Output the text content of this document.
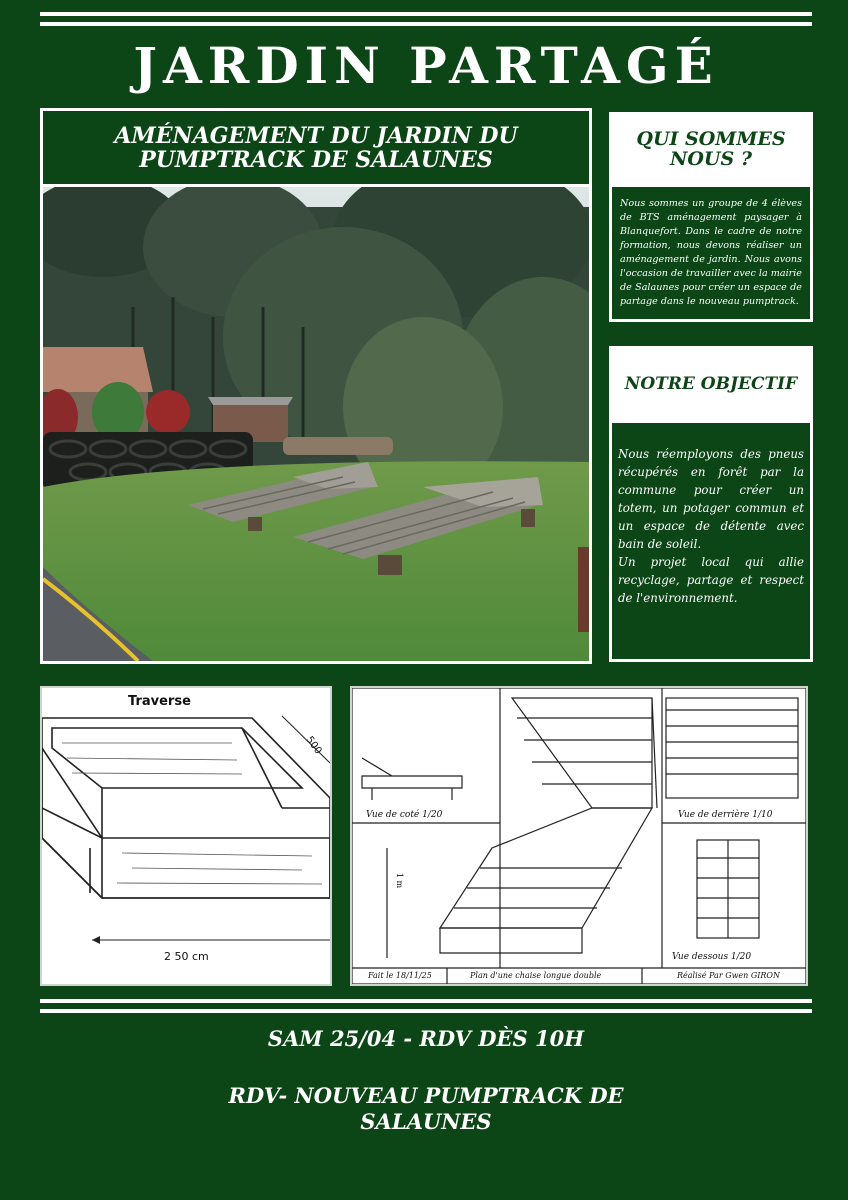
JARDIN PARTAGÉ
AMÉNAGEMENT DU JARDIN DU
PUMPTRACK DE SALAUNES
QUI SOMMES
NOUS ?
Nous sommes un groupe de 4 élèves de BTS aménagement paysager à Blanquefort. Dans le cadre de notre formation, nous devons réaliser un aménagement de jardin. Nous avons l'occasion de travailler avec la mairie de Salaunes pour créer un espace de partage dans le nouveau pumptrack.
NOTRE OBJECTIF
Nous réemployons des pneus récupérés en forêt par la commune pour créer un totem, un potager commun et un espace de détente avec bain de soleil.
Un projet local qui allie recyclage, partage et respect de l'environnement.
Traverse
500
2 50 cm
Vue de coté 1/20	Vue de derrière 1/10
Vue dessous 1/20
1 m
Fait le 18/11/25	Plan d'une chaise longue double	Réalisé Par Gwen GIRON
SAM 25/04 - RDV DÈS 10H
RDV- NOUVEAU PUMPTRACK DE
SALAUNES
